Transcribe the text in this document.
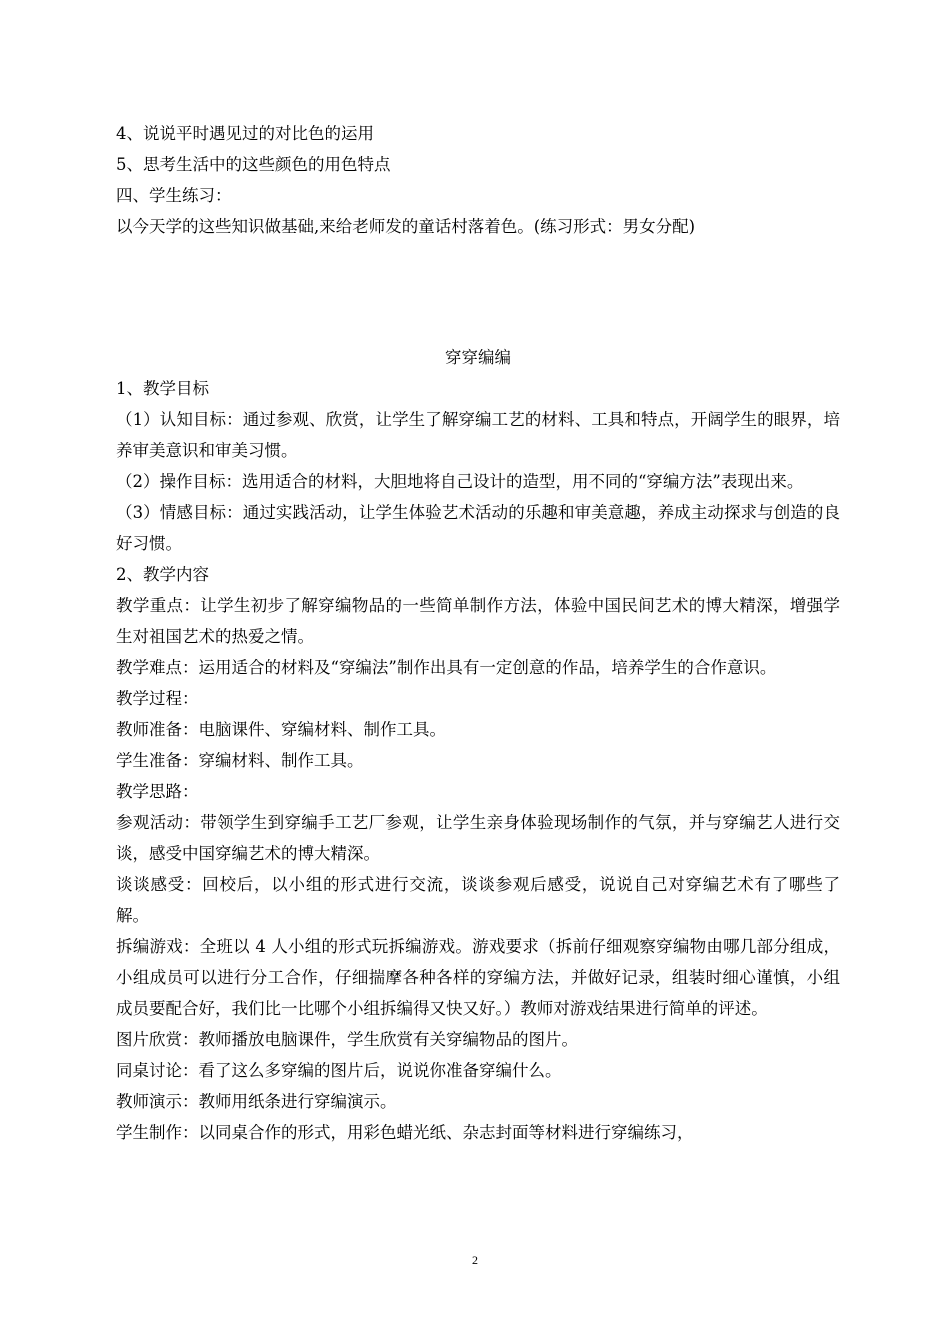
4、说说平时遇见过的对比色的运用
5、思考生活中的这些颜色的用色特点
四、学生练习：
以今天学的这些知识做基础,来给老师发的童话村落着色。(练习形式：男女分配)

穿穿编编

1、教学目标

（1）认知目标：通过参观、欣赏，让学生了解穿编工艺的材料、工具和特点，开阔学生的眼界，培养审美意识和审美习惯。

（2）操作目标：选用适合的材料，大胆地将自己设计的造型，用不同的“穿编方法”表现出来。

（3）情感目标：通过实践活动，让学生体验艺术活动的乐趣和审美意趣，养成主动探求与创造的良好习惯。

2、教学内容

教学重点：让学生初步了解穿编物品的一些简单制作方法，体验中国民间艺术的博大精深，增强学生对祖国艺术的热爱之情。

教学难点：运用适合的材料及“穿编法”制作出具有一定创意的作品，培养学生的合作意识。

教学过程：

教师准备：电脑课件、穿编材料、制作工具。

学生准备：穿编材料、制作工具。

教学思路：

参观活动：带领学生到穿编手工艺厂参观，让学生亲身体验现场制作的气氛，并与穿编艺人进行交谈，感受中国穿编艺术的博大精深。

谈谈感受：回校后，以小组的形式进行交流，谈谈参观后感受，说说自己对穿编艺术有了哪些了解。

拆编游戏：全班以 4 人小组的形式玩拆编游戏。游戏要求（拆前仔细观察穿编物由哪几部分组成，小组成员可以进行分工合作，仔细揣摩各种各样的穿编方法，并做好记录，组装时细心谨慎，小组成员要配合好，我们比一比哪个小组拆编得又快又好。）教师对游戏结果进行简单的评述。

图片欣赏：教师播放电脑课件，学生欣赏有关穿编物品的图片。

同桌讨论：看了这么多穿编的图片后，说说你准备穿编什么。

教师演示：教师用纸条进行穿编演示。

学生制作：以同桌合作的形式，用彩色蜡光纸、杂志封面等材料进行穿编练习，

2
